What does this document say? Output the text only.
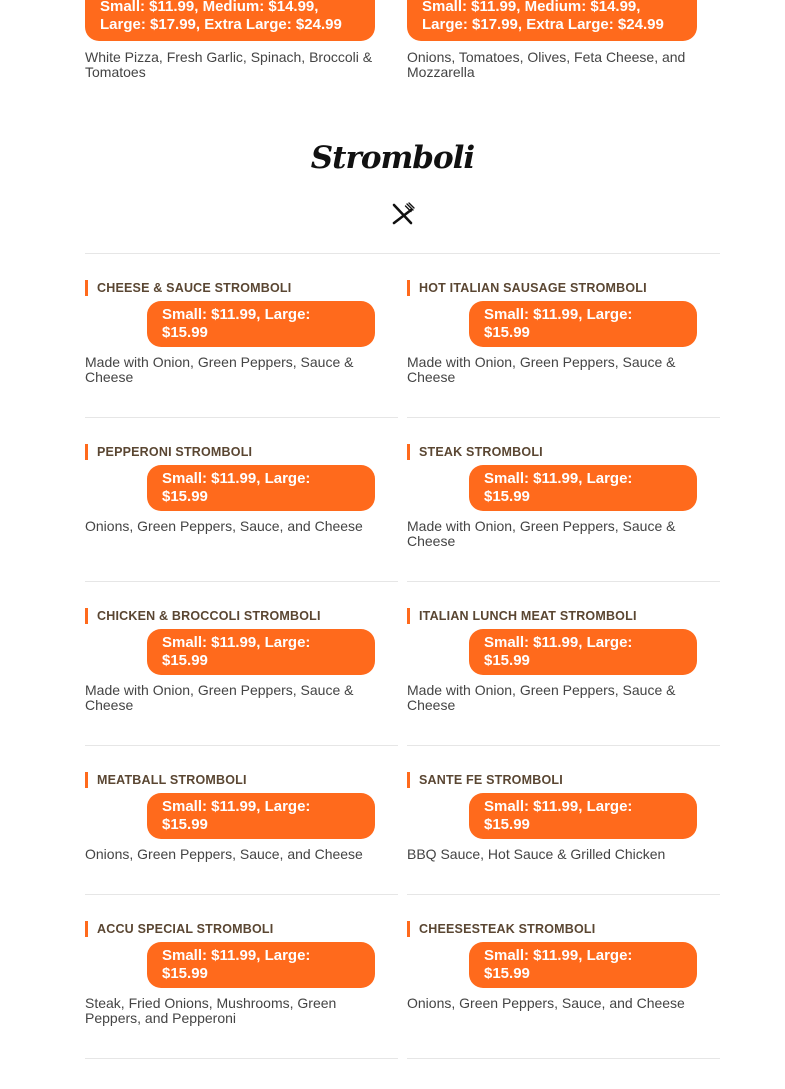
Small: $11.99, Medium: $14.99, Large: $17.99, Extra Large: $24.99
White Pizza, Fresh Garlic, Spinach, Broccoli & Tomatoes
Small: $11.99, Medium: $14.99, Large: $17.99, Extra Large: $24.99
Onions, Tomatoes, Olives, Feta Cheese, and Mozzarella
Stromboli
CHEESE & SAUCE STROMBOLI
Small: $11.99, Large: $15.99
Made with Onion, Green Peppers, Sauce & Cheese
HOT ITALIAN SAUSAGE STROMBOLI
Small: $11.99, Large: $15.99
Made with Onion, Green Peppers, Sauce & Cheese
PEPPERONI STROMBOLI
Small: $11.99, Large: $15.99
Onions, Green Peppers, Sauce, and Cheese
STEAK STROMBOLI
Small: $11.99, Large: $15.99
Made with Onion, Green Peppers, Sauce & Cheese
CHICKEN & BROCCOLI STROMBOLI
Small: $11.99, Large: $15.99
Made with Onion, Green Peppers, Sauce & Cheese
ITALIAN LUNCH MEAT STROMBOLI
Small: $11.99, Large: $15.99
Made with Onion, Green Peppers, Sauce & Cheese
MEATBALL STROMBOLI
Small: $11.99, Large: $15.99
Onions, Green Peppers, Sauce, and Cheese
SANTE FE STROMBOLI
Small: $11.99, Large: $15.99
BBQ Sauce, Hot Sauce & Grilled Chicken
ACCU SPECIAL STROMBOLI
Small: $11.99, Large: $15.99
Steak, Fried Onions, Mushrooms, Green Peppers, and Pepperoni
CHEESESTEAK STROMBOLI
Small: $11.99, Large: $15.99
Onions, Green Peppers, Sauce, and Cheese
